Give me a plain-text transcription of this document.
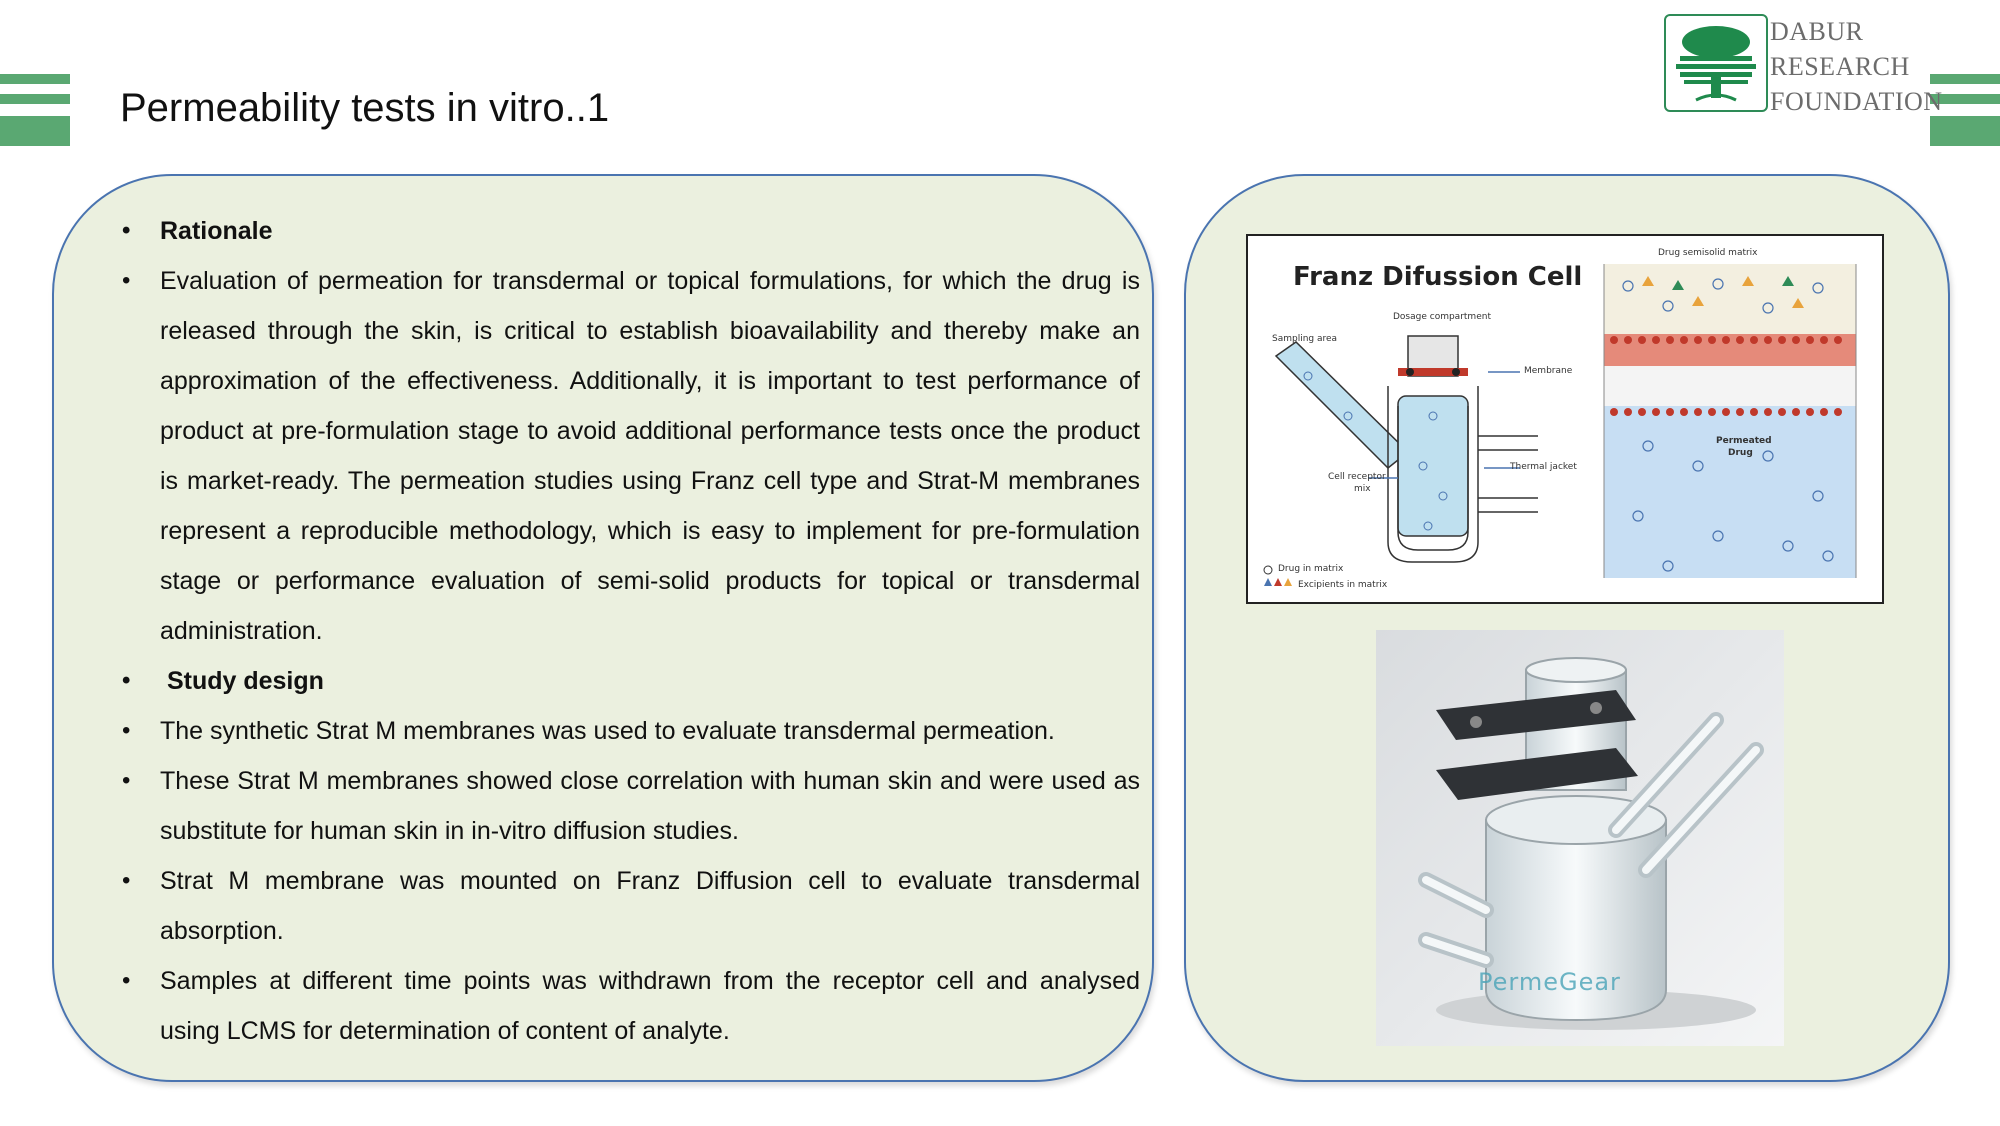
Permeability tests in vitro..1
DABUR
RESEARCH
FOUNDATION
• Rationale
• Evaluation of permeation for transdermal or topical formulations, for which the drug is released through the skin, is critical to establish bioavailability and thereby make an approximation of the effectiveness. Additionally, it is important to test performance of product at pre-formulation stage to avoid additional performance tests once the product is market-ready. The permeation studies using Franz cell type and Strat-M membranes represent a reproducible methodology, which is easy to implement for pre-formulation stage or performance evaluation of semi-solid products for topical or transdermal administration.
•  Study design
• The synthetic Strat M membranes was used to evaluate transdermal permeation.
• These Strat M membranes showed close correlation with human skin and were used as substitute for human skin in in-vitro diffusion studies.
• Strat M membrane was mounted on Franz Diffusion cell to evaluate transdermal absorption.
• Samples at different time points was withdrawn from the receptor cell and analysed using LCMS for determination of content of analyte.
Franz Difussion Cell
Drug semisolid matrix
Dosage compartment
Sampling area
Membrane
Thermal jacket
Cell receptor
mix
Permeated
Drug
Drug in matrix
Excipients in matrix
PermeGear
